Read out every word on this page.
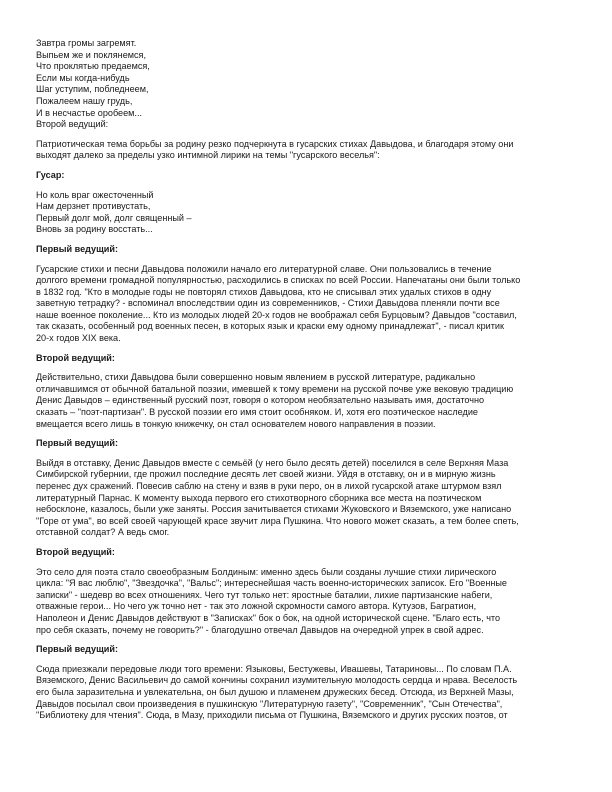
Завтра громы загремят.
Выпьем же и поклянемся,
Что проклятью предаемся,
Если мы когда-нибудь
Шаг уступим, побледнеем,
Пожалеем нашу грудь,
И в несчастье оробеем...
Второй ведущий:
Патриотическая тема борьбы за родину резко подчеркнута в гусарских стихах Давыдова, и благодаря этому они
выходят далеко за пределы узко интимной лирики на темы "гусарского веселья":
Гусар:
Но коль враг ожесточенный
Нам дерзнет противустать,
Первый долг мой, долг священный –
Вновь за родину восстать...
Первый ведущий:
Гусарские стихи и песни Давыдова положили начало его литературной славе. Они пользовались в течение
долгого времени громадной популярностью, расходились в списках по всей России. Напечатаны они были только
в 1832 год. "Кто в молодые годы не повторял стихов Давыдова, кто не списывал этих удалых стихов в одну
заветную тетрадку? - вспоминал впоследствии один из современников, - Стихи Давыдова пленяли почти все
наше военное поколение... Кто из молодых людей 20-х годов не воображал себя Бурцовым? Давыдов "составил,
так сказать, особенный род военных песен, в которых язык и краски ему одному принадлежат", - писал критик
20-х годов XIX века.
Второй ведущий:
Действительно, стихи Давыдова были совершенно новым явлением в русской литературе, радикально
отличавшимся от обычной батальной поэзии, имевшей к тому времени на русской почве уже вековую традицию
Денис Давыдов – единственный русский поэт, говоря о котором необязательно называть имя, достаточно
сказать – "поэт-партизан". В русской поэзии его имя стоит особняком. И, хотя его поэтическое наследие
вмещается всего лишь в тонкую книжечку, он стал основателем нового направления в поэзии.
Первый ведущий:
Выйдя в отставку, Денис Давыдов вместе с семьёй (у него было десять детей) поселился в селе Верхняя Маза
Симбирской губернии, где прожил последние десять лет своей жизни. Уйдя в отставку, он и в мирную жизнь
перенес дух сражений. Повесив саблю на стену и взяв в руки перо, он в лихой гусарской атаке штурмом взял
литературный Парнас. К моменту выхода первого его стихотворного сборника все места на поэтическом
небосклоне, казалось, были уже заняты. Россия зачитывается стихами Жуковского и Вяземского, уже написано
"Горе от ума", во всей своей чарующей красе звучит лира Пушкина. Что нового может сказать, а тем более спеть,
отставной солдат? А ведь смог.
Второй ведущий:
Это село для поэта стало своеобразным Болдиным: именно здесь были созданы лучшие стихи лирического
цикла: "Я вас люблю", "Звездочка", "Вальс"; интереснейшая часть военно-исторических записок. Его "Военные
записки" - шедевр во всех отношениях. Чего тут только нет: яростные баталии, лихие партизанские набеги,
отважные герои... Но чего уж точно нет - так это ложной скромности самого автора. Кутузов, Багратион,
Наполеон и Денис Давыдов действуют в "Записках" бок о бок, на одной исторической сцене. "Благо есть, что
про себя сказать, почему не говорить?" - благодушно отвечал Давыдов на очередной упрек в свой адрес.
Первый ведущий:
Сюда приезжали передовые люди того времени: Языковы, Бестужевы, Ивашевы, Татариновы... По словам П.А.
Вяземского, Денис Васильевич до самой кончины сохранил изумительную молодость сердца и нрава. Веселость
его была заразительна и увлекательна, он был душою и пламенем дружеских бесед. Отсюда, из Верхней Мазы,
Давыдов посылал свои произведения в пушкинскую "Литературную газету", "Современник", "Сын Отечества",
"Библиотеку для чтения". Сюда, в Мазу, приходили письма от Пушкина, Вяземского и других русских поэтов, от
